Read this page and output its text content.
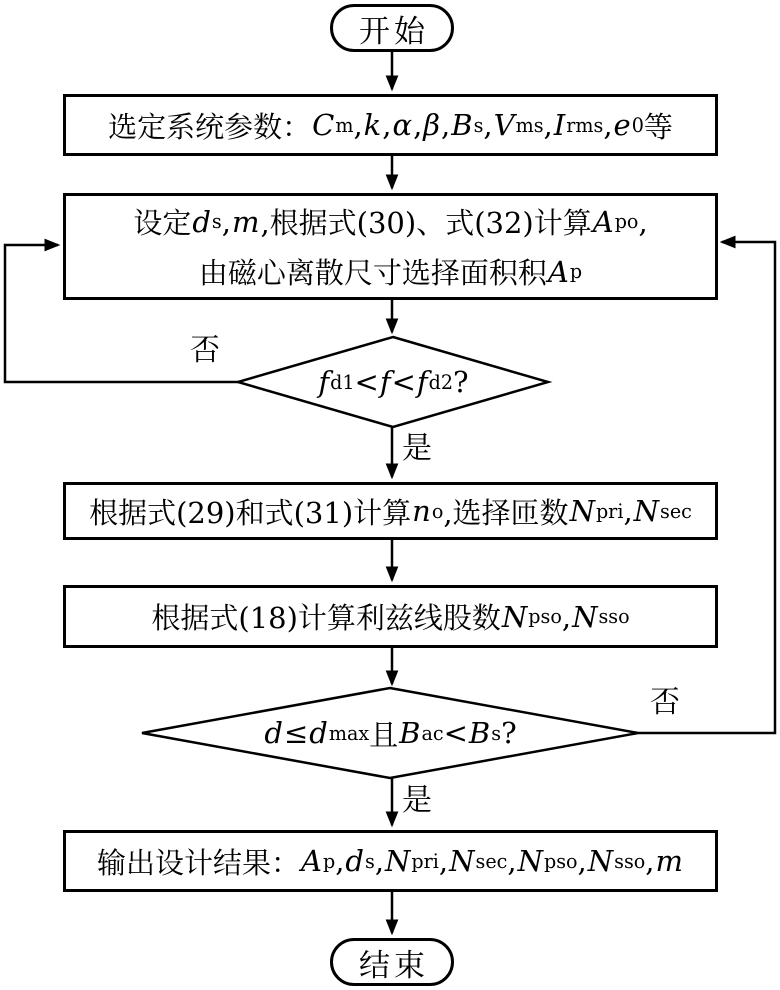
开始
结束
选定系统参数： C m , k , α , β , B s , V ms , I rms , e 0 等
设定 d s , m ,根据式(30)、式(32)计算 A po ,
由磁心离散尺寸选择面积积 A p
根据式(29)和式(31)计算 n o ,选择匝数 N pri , N sec
根据式(18)计算利兹线股数 N pso , N sso
输出设计结果： A p , d s , N pri , N sec , N pso , N sso , m
f d1 < f < f d2 ?
d ≤ d max 且 B ac < B s ?
否
是
否
是
